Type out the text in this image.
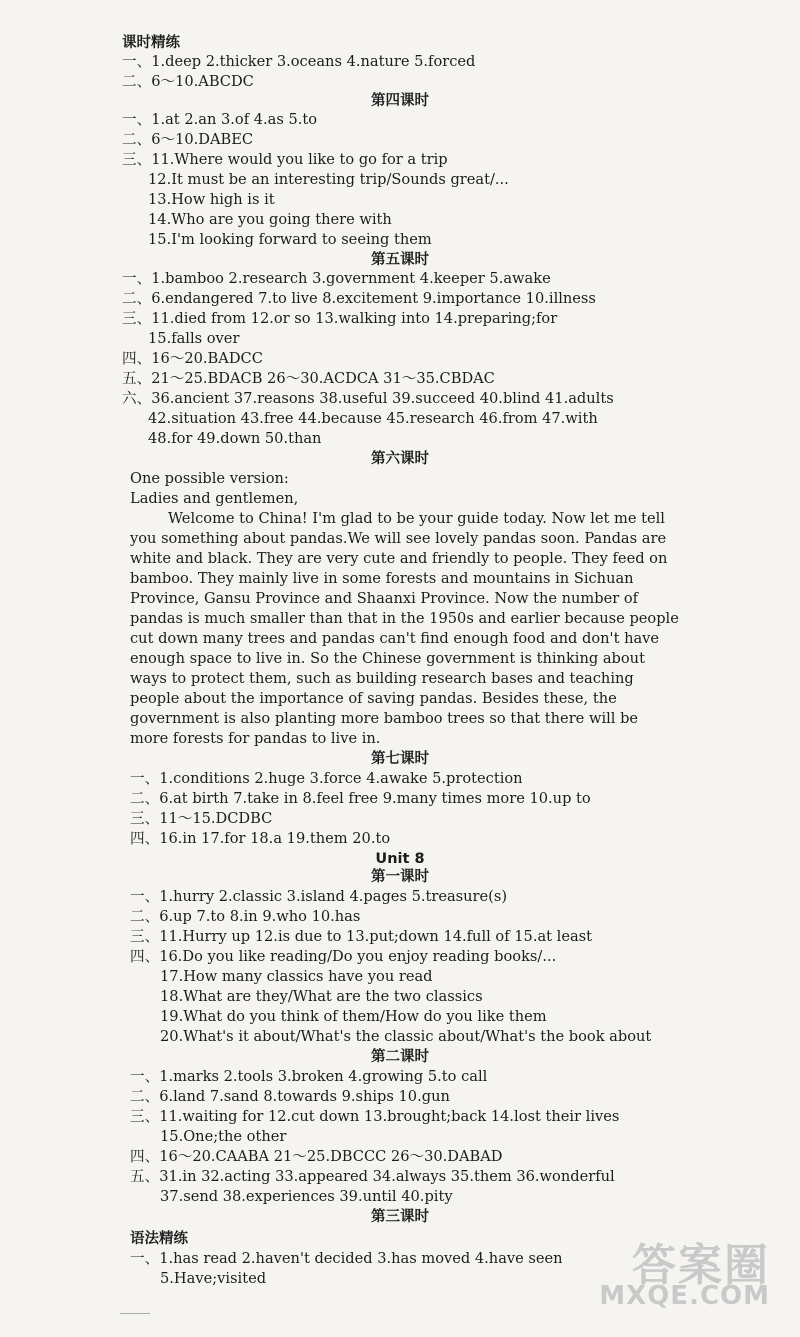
课时精练
一、1.deep 2.thicker 3.oceans 4.nature 5.forced
二、6～10.ABCDC
第四课时
一、1.at 2.an 3.of 4.as 5.to
二、6～10.DABEC
三、11.Where would you like to go for a trip
12.It must be an interesting trip/Sounds great/...
13.How high is it
14.Who are you going there with
15.I'm looking forward to seeing them
第五课时
一、1.bamboo 2.research 3.government 4.keeper 5.awake
二、6.endangered 7.to live 8.excitement 9.importance 10.illness
三、11.died from 12.or so 13.walking into 14.preparing;for
15.falls over
四、16～20.BADCC
五、21～25.BDACB 26～30.ACDCA 31～35.CBDAC
六、36.ancient 37.reasons 38.useful 39.succeed 40.blind 41.adults
42.situation 43.free 44.because 45.research 46.from 47.with
48.for 49.down 50.than
第六课时
One possible version:
Ladies and gentlemen,
Welcome to China! I'm glad to be your guide today. Now let me tell
you something about pandas.We will see lovely pandas soon. Pandas are
white and black. They are very cute and friendly to people. They feed on
bamboo. They mainly live in some forests and mountains in Sichuan
Province, Gansu Province and Shaanxi Province. Now the number of
pandas is much smaller than that in the 1950s and earlier because people
cut down many trees and pandas can't find enough food and don't have
enough space to live in. So the Chinese government is thinking about
ways to protect them, such as building research bases and teaching
people about the importance of saving pandas. Besides these, the
government is also planting more bamboo trees so that there will be
more forests for pandas to live in.
第七课时
一、1.conditions 2.huge 3.force 4.awake 5.protection
二、6.at birth 7.take in 8.feel free 9.many times more 10.up to
三、11～15.DCDBC
四、16.in 17.for 18.a 19.them 20.to
Unit 8
第一课时
一、1.hurry 2.classic 3.island 4.pages 5.treasure(s)
二、6.up 7.to 8.in 9.who 10.has
三、11.Hurry up 12.is due to 13.put;down 14.full of 15.at least
四、16.Do you like reading/Do you enjoy reading books/...
17.How many classics have you read
18.What are they/What are the two classics
19.What do you think of them/How do you like them
20.What's it about/What's the classic about/What's the book about
第二课时
一、1.marks 2.tools 3.broken 4.growing 5.to call
二、6.land 7.sand 8.towards 9.ships 10.gun
三、11.waiting for 12.cut down 13.brought;back 14.lost their lives
15.One;the other
四、16～20.CAABA 21～25.DBCCC 26～30.DABAD
五、31.in 32.acting 33.appeared 34.always 35.them 36.wonderful
37.send 38.experiences 39.until 40.pity
第三课时
语法精练
一、1.has read 2.haven't decided 3.has moved 4.have seen
5.Have;visited	答案圈
MXQE.COM
